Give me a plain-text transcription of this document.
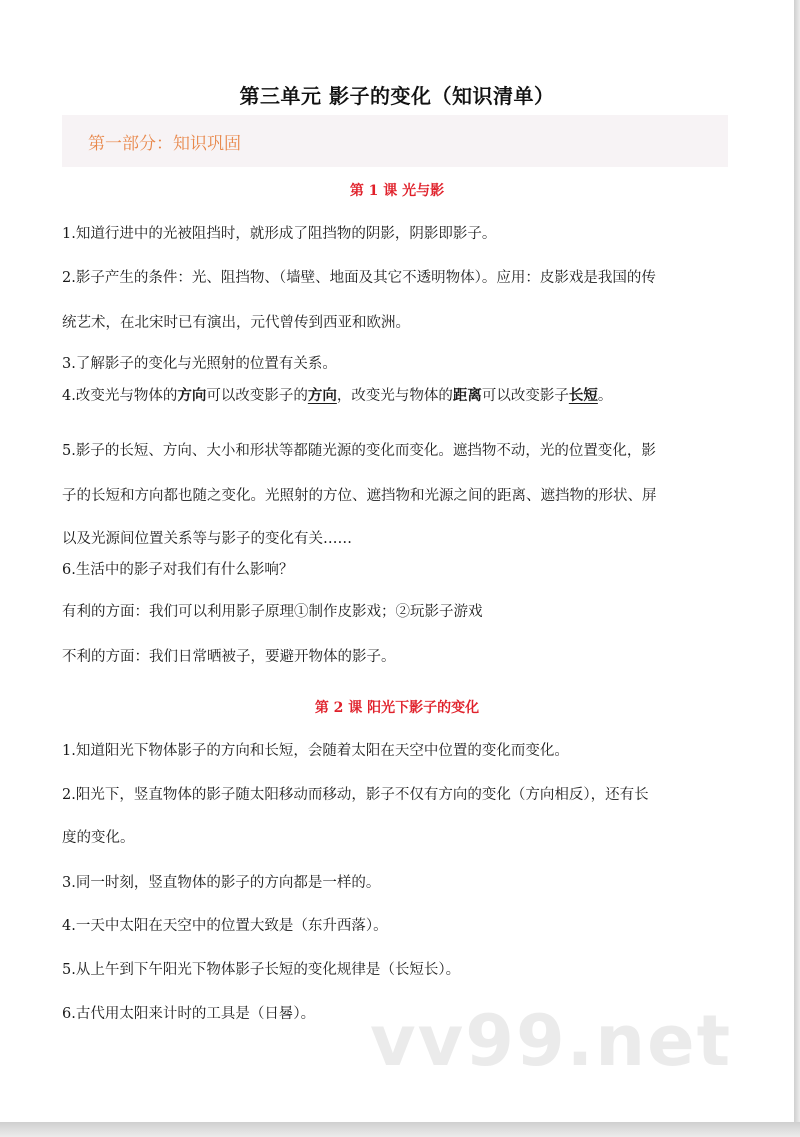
第三单元 影子的变化（知识清单）
第一部分：知识巩固
第 1 课 光与影

1.知道行进中的光被阻挡时，就形成了阻挡物的阴影，阴影即影子。

2.影子产生的条件：光、阻挡物、（墙壁、地面及其它不透明物体）。应用：皮影戏是我国的传

统艺术，在北宋时已有演出，元代曾传到西亚和欧洲。

3.了解影子的变化与光照射的位置有关系。

4.改变光与物体的方向可以改变影子的方向，改变光与物体的距离可以改变影子长短。

5.影子的长短、方向、大小和形状等都随光源的变化而变化。遮挡物不动，光的位置变化，影

子的长短和方向都也随之变化。光照射的方位、遮挡物和光源之间的距离、遮挡物的形状、屏

以及光源间位置关系等与影子的变化有关……

6.生活中的影子对我们有什么影响？

有利的方面：我们可以利用影子原理①制作皮影戏；②玩影子游戏

不利的方面：我们日常晒被子，要避开物体的影子。

第 2 课 阳光下影子的变化

1.知道阳光下物体影子的方向和长短，会随着太阳在天空中位置的变化而变化。

2.阳光下，竖直物体的影子随太阳移动而移动，影子不仅有方向的变化（方向相反），还有长

度的变化。

3.同一时刻，竖直物体的影子的方向都是一样的。

4.一天中太阳在天空中的位置大致是（东升西落）。

5.从上午到下午阳光下物体影子长短的变化规律是（长短长）。

6.古代用太阳来计时的工具是（日晷）。 vv99.net
